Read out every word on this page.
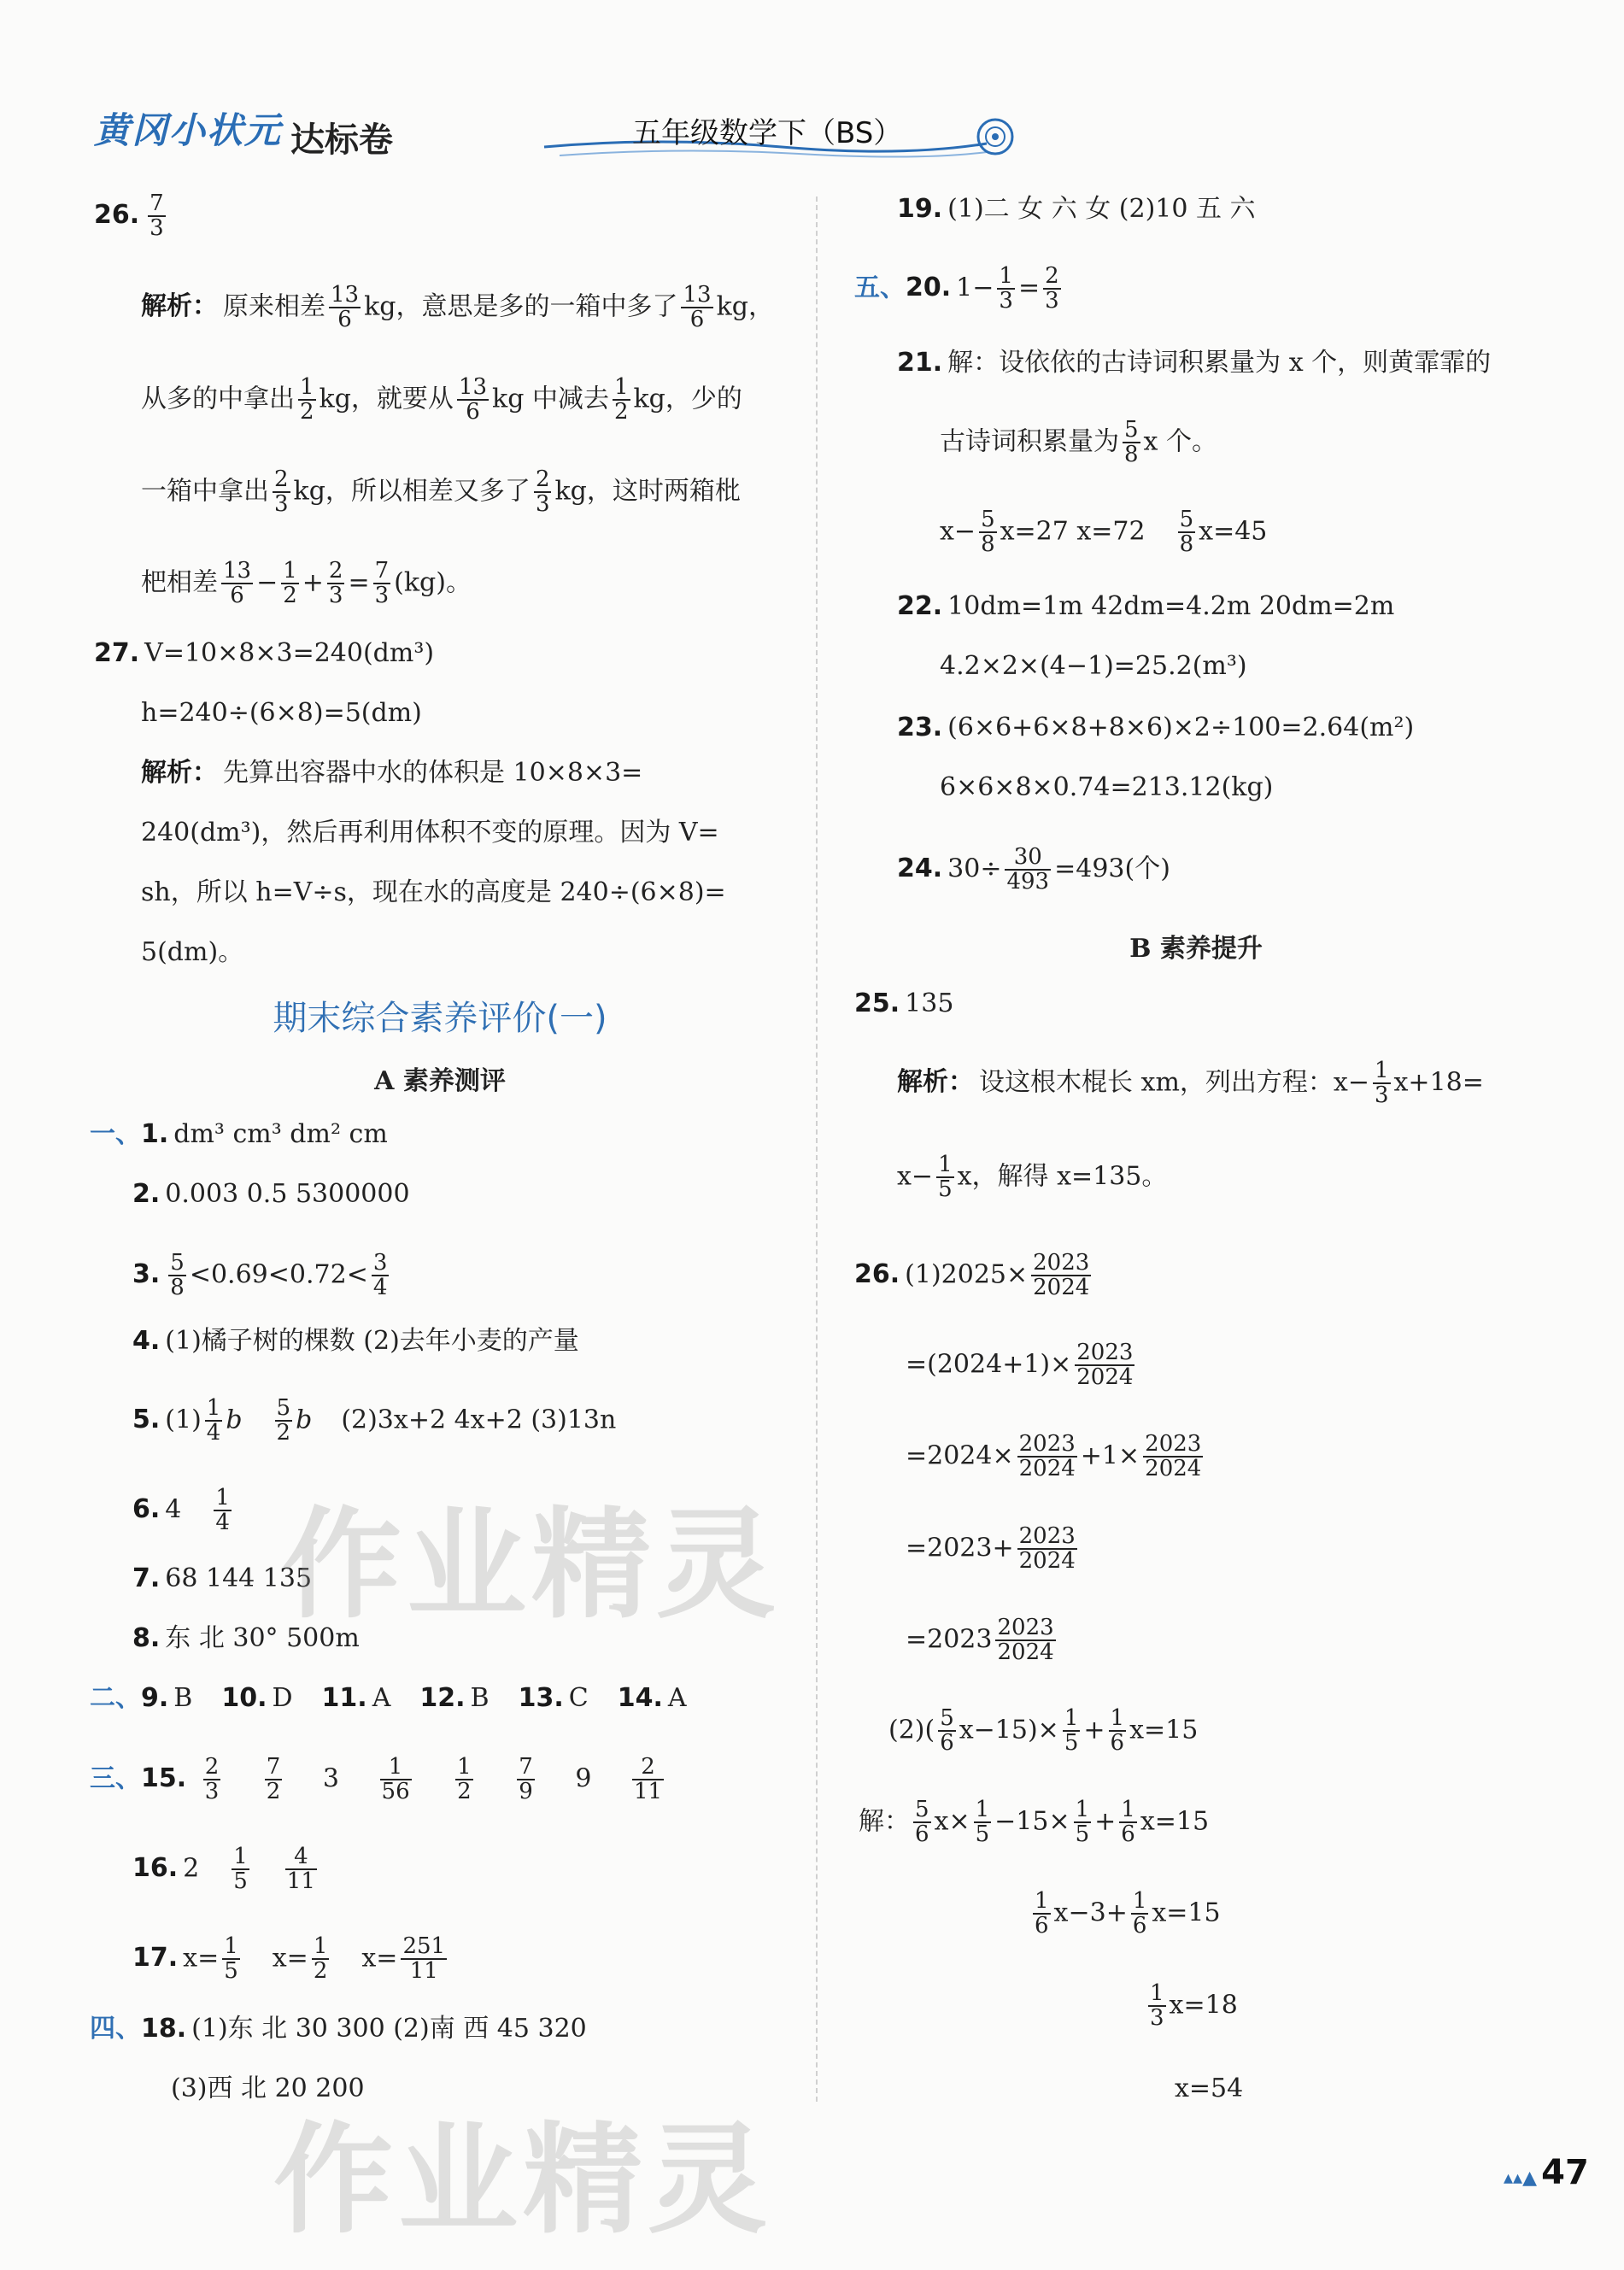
黄冈小状元 达标卷	五年级数学下（BS）
26. $\frac{7}{3}$
解析： 原来相差 $\frac{13}{6}$ kg，意思是多的一箱中多了 $\frac{13}{6}$ kg，
从多的中拿出 $\frac{1}{2}$ kg，就要从 $\frac{13}{6}$ kg 中减去 $\frac{1}{2}$ kg，少的
一箱中拿出 $\frac{2}{3}$ kg，所以相差又多了 $\frac{2}{3}$ kg，这时两箱枇
杷相差 $\frac{13}{6} - \frac{1}{2} + \frac{2}{3} = \frac{7}{3} (kg)$。
27. V=10×8×3=240(dm³)
h=240÷(6×8)=5(dm)
解析： 先算出容器中水的体积是 10×8×3=
240(dm³)，然后再利用体积不变的原理。因为 V=
sh，所以 h=V÷s，现在水的高度是 240÷(6×8)=
5(dm)。
期末综合素养评价(一)
A 素养测评
一、1. dm³ cm³ dm² cm
2. 0.003 0.5 5300000
3. $\frac{5}{8} <0.69<0.72< \frac{3}{4}$
4. (1)橘子树的棵数 (2)去年小麦的产量
5. $(1) \frac{1}{4}$ b $\frac{5}{2}$ b (2)3x+2 4x+2 (3)13n
6. $4 \frac{1}{4}$
7. 68 144 135
8. 东 北 30° 500m
二、9. B 10. D 11. A 12. B 13. C 14. A
三、15. $\frac{2}{3}$
$\frac{7}{2} 3 \frac{1}{56}$
$\frac{1}{2}$
$\frac{7}{9} 9 \frac{2}{11}$
16. $2 \frac{1}{5} \frac{4}{11}$
17. $x= \frac{1}{5} x= \frac{1}{2} x= \frac{251}{11}$
四、18. (1)东 北 30 300 (2)南 西 45 320
(3)西 北 20 200
19. (1)二 女 六 女 (2)10 五 六
五、20. $1- \frac{1}{3} = \frac{2}{3}$
21. 解：设依依的古诗词积累量为 x 个，则黄霏霏的
古诗词积累量为 $\frac{5}{8}$ x 个。
$x- \frac{5}{8} x=27$ $x=72 \frac{5}{8} x=45$
22. 10dm=1m 42dm=4.2m 20dm=2m
4.2×2×(4−1)=25.2(m³)
23. (6×6+6×8+8×6)×2÷100=2.64(m²)
6×6×8×0.74=213.12(kg)
24. $30\div \frac{30}{493} =493$(个)
B 素养提升
25. 135
解析： 设这根木棍长 xm，列出方程：$x- \frac{1}{3} x+18=$
$x- \frac{1}{5}$ x，解得 x=135。
26. $(1)2025\times \frac{2023}{2024}$
$=(2024+1)\times \frac{2023}{2024}$
$=2024\times \frac{2023}{2024} +1\times \frac{2023}{2024}$
$=2023+ \frac{2023}{2024}$
$=2023 \frac{2023}{2024}$
$(2)( \frac{5}{6} x-15)\times \frac{1}{5} + \frac{1}{6} x=15$
解： $\frac{5}{6} x\times \frac{1}{5} -15\times \frac{1}{5} + \frac{1}{6} x=15$
$\frac{1}{6} x-3+ \frac{1}{6} x=15$
$\frac{1}{3} x=18$
x=54
作业精灵
作业精灵	▴▴▲ 47
